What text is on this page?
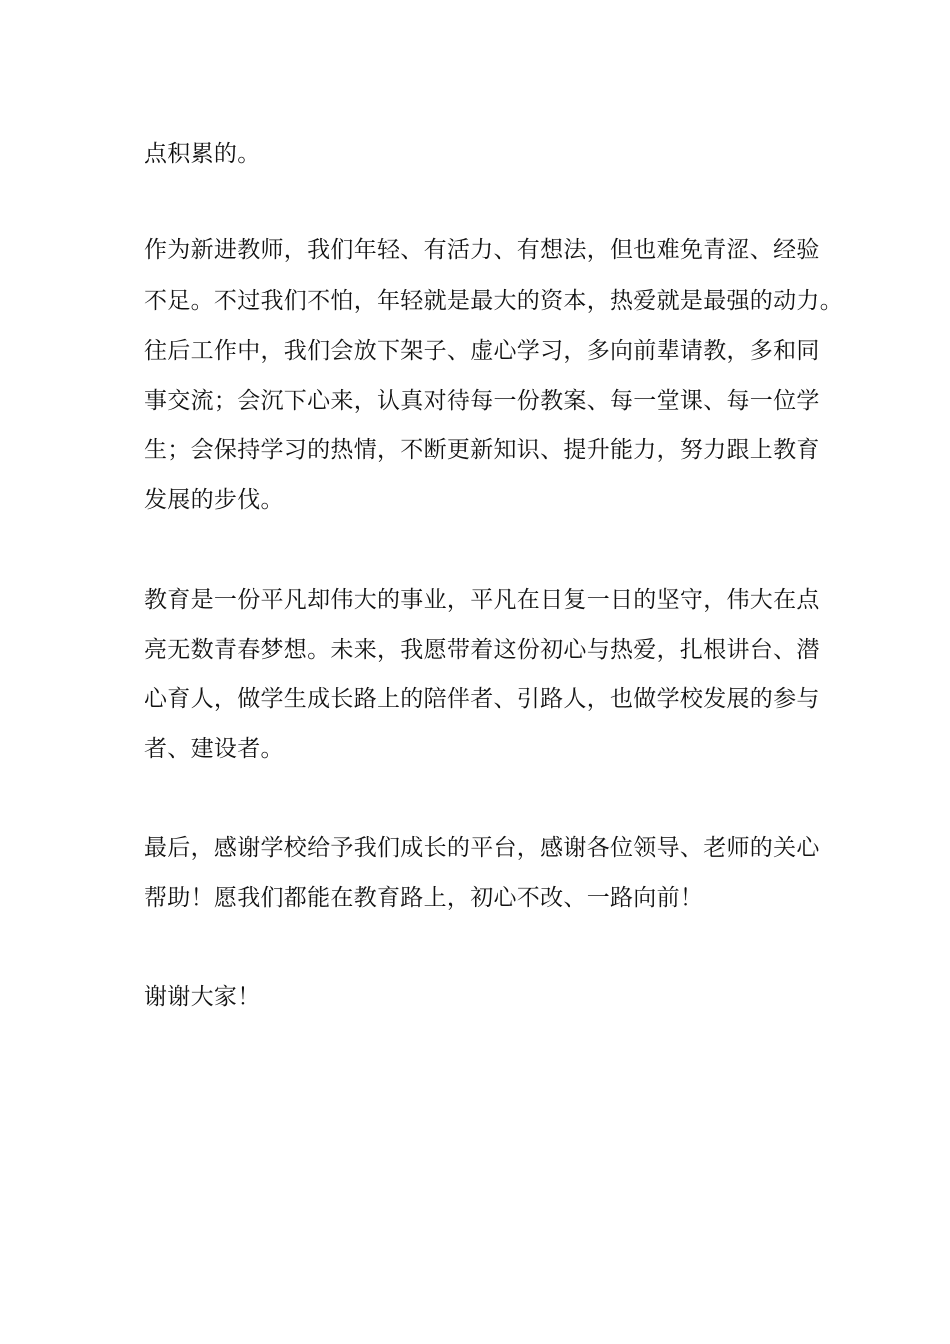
点积累的。
作为新进教师，我们年轻、有活力、有想法，但也难免青涩、经验
不足。不过我们不怕，年轻就是最大的资本，热爱就是最强的动力。
往后工作中，我们会放下架子、虚心学习，多向前辈请教，多和同
事交流；会沉下心来，认真对待每一份教案、每一堂课、每一位学
生；会保持学习的热情，不断更新知识、提升能力，努力跟上教育
发展的步伐。
教育是一份平凡却伟大的事业，平凡在日复一日的坚守，伟大在点
亮无数青春梦想。未来，我愿带着这份初心与热爱，扎根讲台、潜
心育人，做学生成长路上的陪伴者、引路人，也做学校发展的参与
者、建设者。
最后，感谢学校给予我们成长的平台，感谢各位领导、老师的关心
帮助！愿我们都能在教育路上，初心不改、一路向前！
谢谢大家！
